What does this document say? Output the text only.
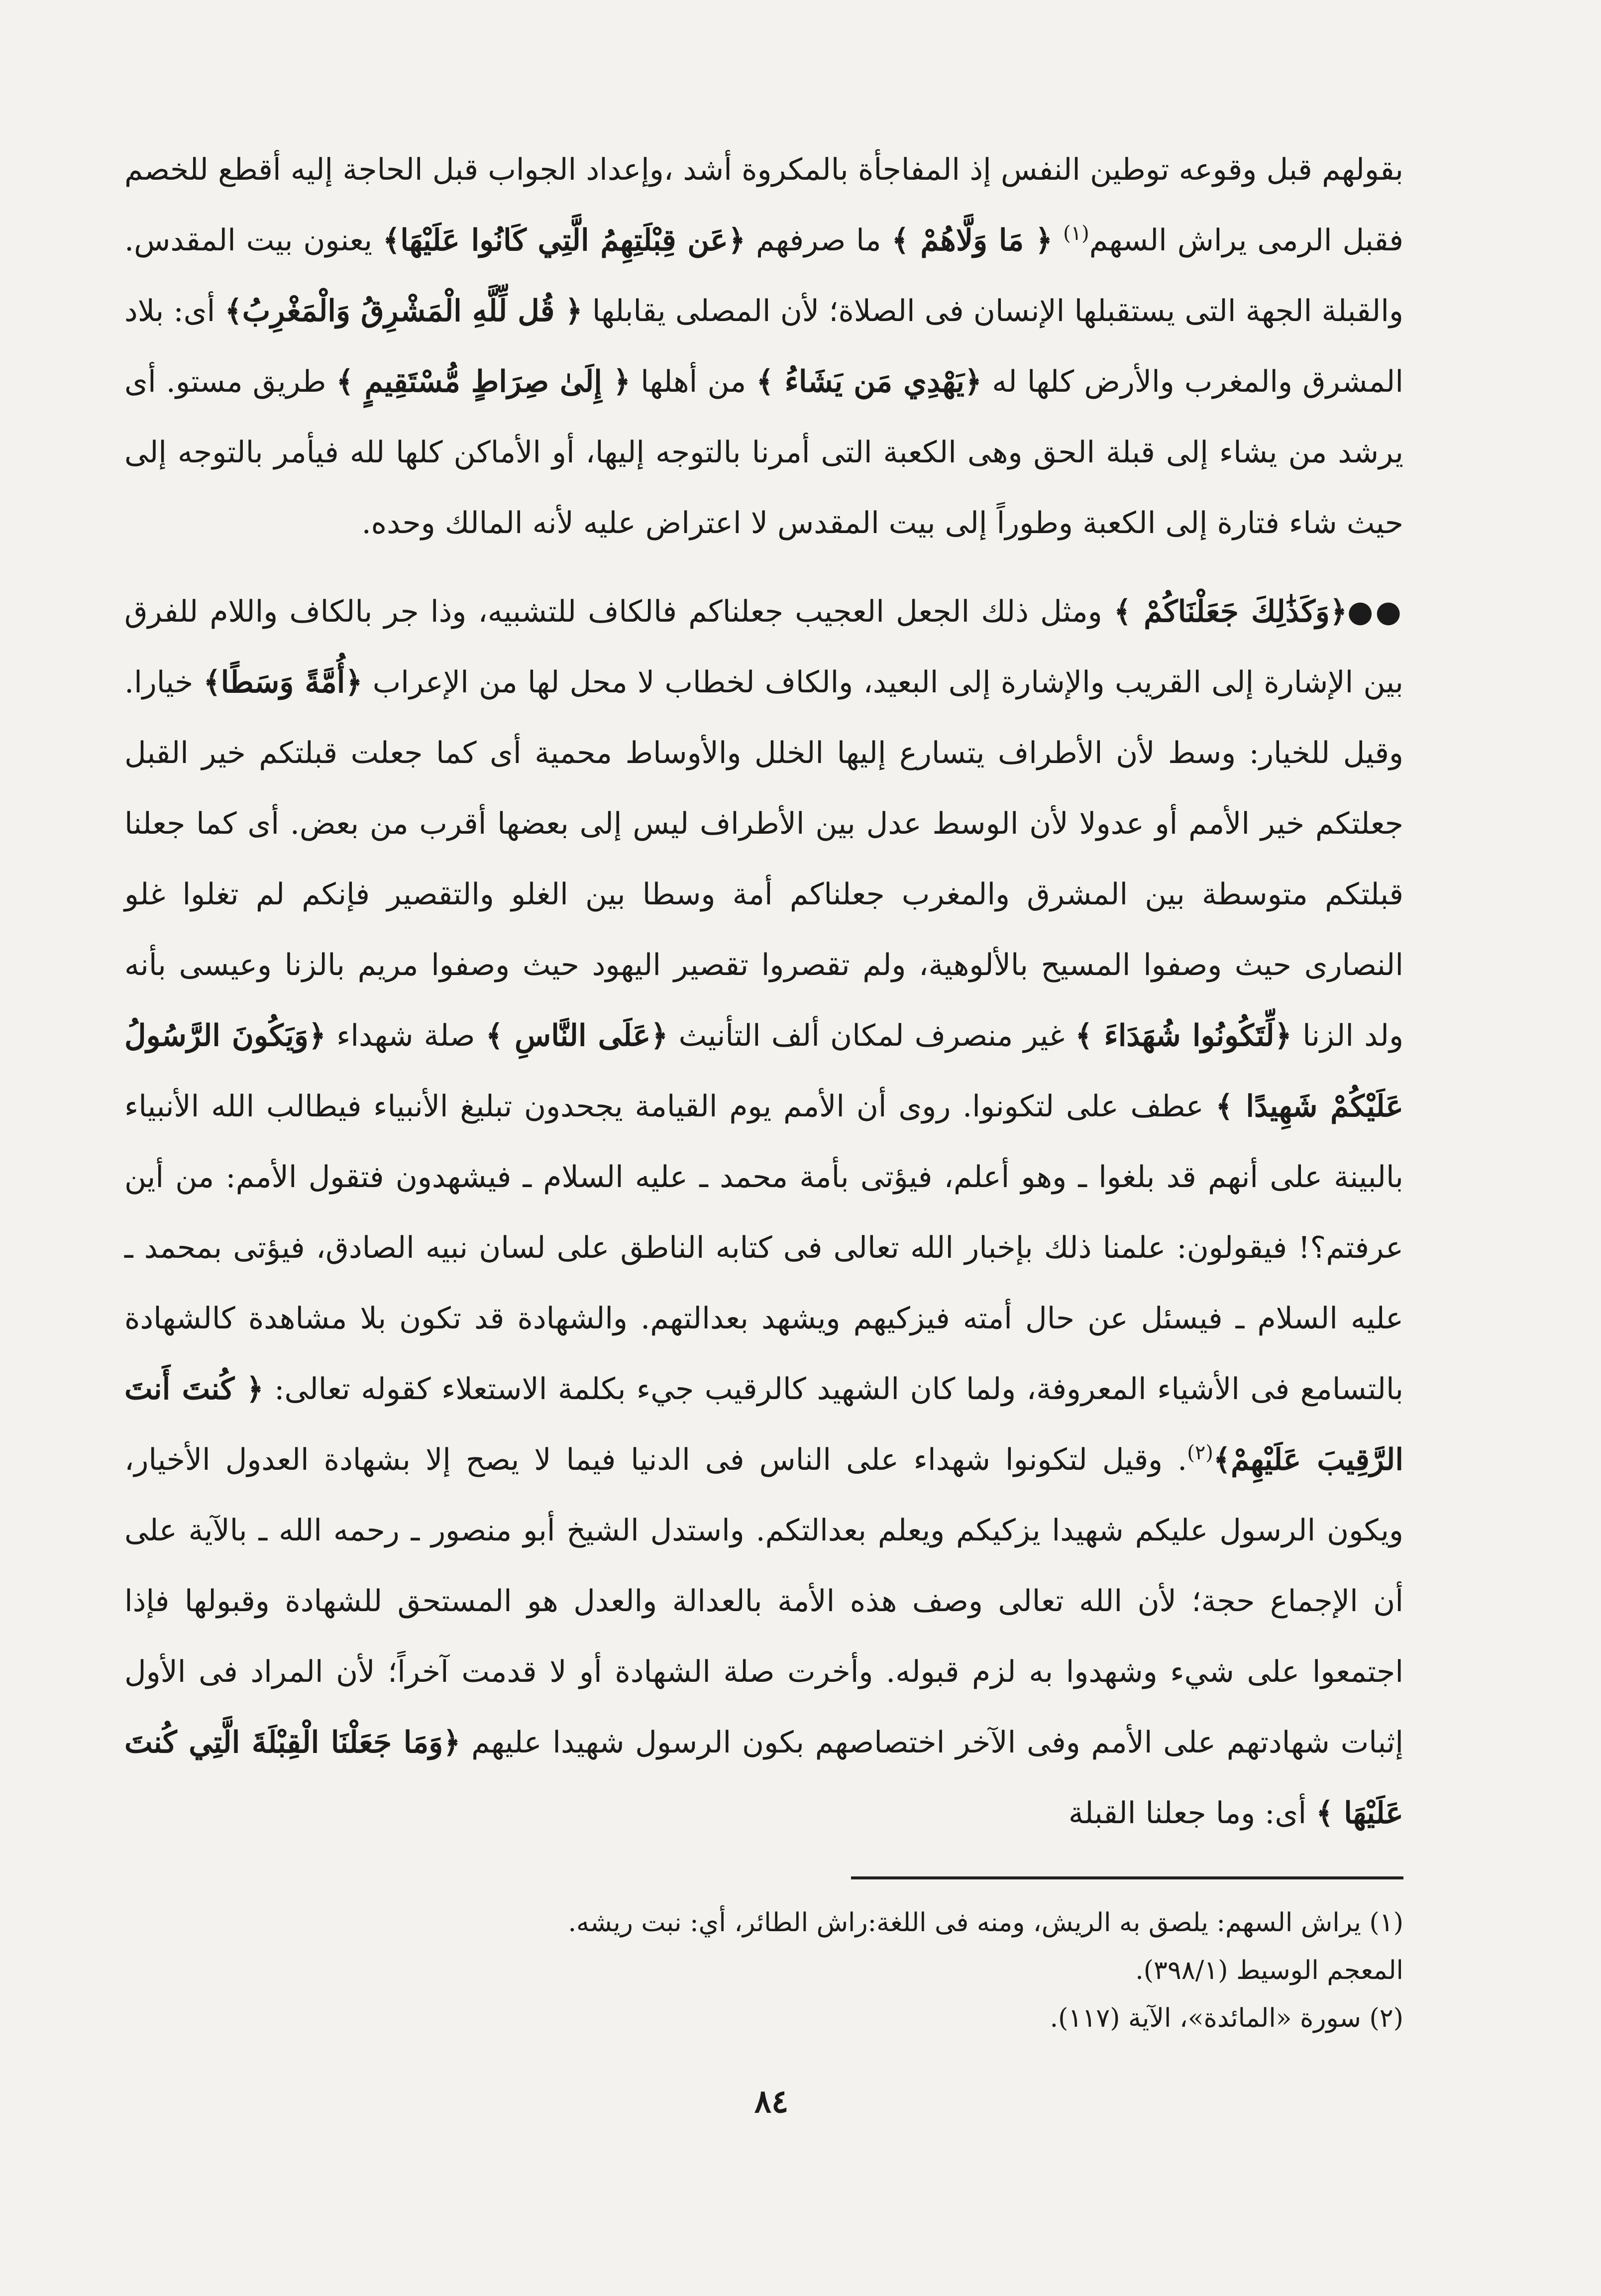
بقولهم قبل وقوعه توطين النفس إذ المفاجأة بالمكروة أشد ،وإعداد الجواب قبل الحاجة إليه أقطع للخصم فقبل الرمى يراش السهم$^{(١)}$ ﴿ مَا وَلَّاهُمْ ﴾ ما صرفهم ﴿عَن قِبْلَتِهِمُ الَّتِي كَانُوا عَلَيْهَا﴾ يعنون بيت المقدس. والقبلة الجهة التى يستقبلها الإنسان فى الصلاة؛ لأن المصلى يقابلها ﴿ قُل لِّلَّهِ الْمَشْرِقُ وَالْمَغْرِبُ﴾ أى: بلاد المشرق والمغرب والأرض كلها له ﴿يَهْدِي مَن يَشَاءُ ﴾ من أهلها ﴿ إِلَىٰ صِرَاطٍ مُّسْتَقِيمٍ ﴾ طريق مستو. أى يرشد من يشاء إلى قبلة الحق وهى الكعبة التى أمرنا بالتوجه إليها، أو الأماكن كلها لله فيأمر بالتوجه إلى حيث شاء فتارة إلى الكعبة وطوراً إلى بيت المقدس لا اعتراض عليه لأنه المالك وحده.
●●﴿وَكَذَٰلِكَ جَعَلْنَاكُمْ ﴾ ومثل ذلك الجعل العجيب جعلناكم فالكاف للتشبيه، وذا جر بالكاف واللام للفرق بين الإشارة إلى القريب والإشارة إلى البعيد، والكاف لخطاب لا محل لها من الإعراب ﴿أُمَّةً وَسَطًا﴾ خيارا. وقيل للخيار: وسط لأن الأطراف يتسارع إليها الخلل والأوساط محمية أى كما جعلت قبلتكم خير القبل جعلتكم خير الأمم أو عدولا لأن الوسط عدل بين الأطراف ليس إلى بعضها أقرب من بعض. أى كما جعلنا قبلتكم متوسطة بين المشرق والمغرب جعلناكم أمة وسطا بين الغلو والتقصير فإنكم لم تغلوا غلو النصارى حيث وصفوا المسيح بالألوهية، ولم تقصروا تقصير اليهود حيث وصفوا مريم بالزنا وعيسى بأنه ولد الزنا ﴿لِّتَكُونُوا شُهَدَاءَ ﴾ غير منصرف لمكان ألف التأنيث ﴿عَلَى النَّاسِ ﴾ صلة شهداء ﴿وَيَكُونَ الرَّسُولُ عَلَيْكُمْ شَهِيدًا ﴾ عطف على لتكونوا. روى أن الأمم يوم القيامة يجحدون تبليغ الأنبياء فيطالب الله الأنبياء بالبينة على أنهم قد بلغوا ـ وهو أعلم، فيؤتى بأمة محمد ـ عليه السلام ـ فيشهدون فتقول الأمم: من أين عرفتم؟! فيقولون: علمنا ذلك بإخبار الله تعالى فى كتابه الناطق على لسان نبيه الصادق، فيؤتى بمحمد ـ عليه السلام ـ فيسئل عن حال أمته فيزكيهم ويشهد بعدالتهم. والشهادة قد تكون بلا مشاهدة كالشهادة بالتسامع فى الأشياء المعروفة، ولما كان الشهيد كالرقيب جيء بكلمة الاستعلاء كقوله تعالى: ﴿ كُنتَ أَنتَ الرَّقِيبَ عَلَيْهِمْ﴾$^{(٢)}$. وقيل لتكونوا شهداء على الناس فى الدنيا فيما لا يصح إلا بشهادة العدول الأخيار، ويكون الرسول عليكم شهيدا يزكيكم ويعلم بعدالتكم. واستدل الشيخ أبو منصور ـ رحمه الله ـ بالآية على أن الإجماع حجة؛ لأن الله تعالى وصف هذه الأمة بالعدالة والعدل هو المستحق للشهادة وقبولها فإذا اجتمعوا على شيء وشهدوا به لزم قبوله. وأخرت صلة الشهادة أو لا قدمت آخراً؛ لأن المراد فى الأول إثبات شهادتهم على الأمم وفى الآخر اختصاصهم بكون الرسول شهيدا عليهم ﴿وَمَا جَعَلْنَا الْقِبْلَةَ الَّتِي كُنتَ عَلَيْهَا ﴾ أى: وما جعلنا القبلة
(١) يراش السهم: يلصق به الريش، ومنه فى اللغة:راش الطائر، أي: نبت ريشه.
المعجم الوسيط (٣٩٨/١).
(٢) سورة «المائدة»، الآية (١١٧).
٨٤
